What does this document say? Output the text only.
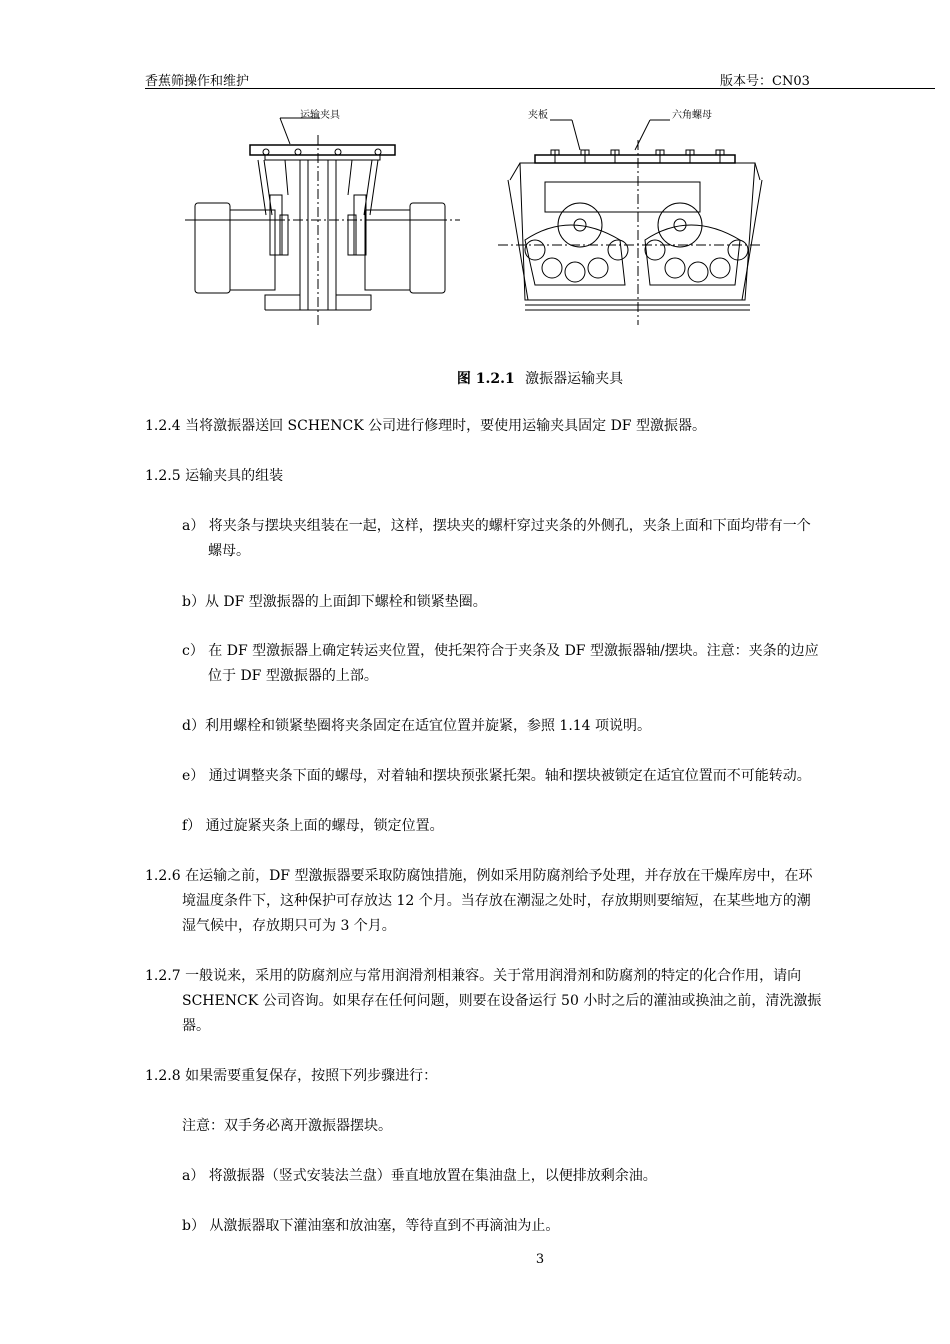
香蕉筛操作和维护	版本号：CN03
运输夹具	夹板	六角螺母
图 1.2.1 激振器运输夹具

1.2.4 当将激振器送回 SCHENCK 公司进行修理时，要使用运输夹具固定 DF 型激振器。

1.2.5 运输夹具的组装

a） 将夹条与摆块夹组装在一起，这样，摆块夹的螺杆穿过夹条的外侧孔，夹条上面和下面均带有一个

螺母。

b）从 DF 型激振器的上面卸下螺栓和锁紧垫圈。

c） 在 DF 型激振器上确定转运夹位置，使托架符合于夹条及 DF 型激振器轴/摆块。注意：夹条的边应

位于 DF 型激振器的上部。

d）利用螺栓和锁紧垫圈将夹条固定在适宜位置并旋紧，参照 1.14 项说明。

e） 通过调整夹条下面的螺母，对着轴和摆块预张紧托架。轴和摆块被锁定在适宜位置而不可能转动。

f） 通过旋紧夹条上面的螺母，锁定位置。

1.2.6 在运输之前，DF 型激振器要采取防腐蚀措施，例如采用防腐剂给予处理，并存放在干燥库房中，在环

境温度条件下，这种保护可存放达 12 个月。当存放在潮湿之处时，存放期则要缩短，在某些地方的潮

湿气候中，存放期只可为 3 个月。

1.2.7 一般说来，采用的防腐剂应与常用润滑剂相兼容。关于常用润滑剂和防腐剂的特定的化合作用，请向

SCHENCK 公司咨询。如果存在任何问题，则要在设备运行 50 小时之后的灌油或换油之前，清洗激振

器。

1.2.8 如果需要重复保存，按照下列步骤进行：

注意：双手务必离开激振器摆块。

a） 将激振器（竖式安装法兰盘）垂直地放置在集油盘上，以便排放剩余油。

b） 从激振器取下灌油塞和放油塞，等待直到不再滴油为止。

3
